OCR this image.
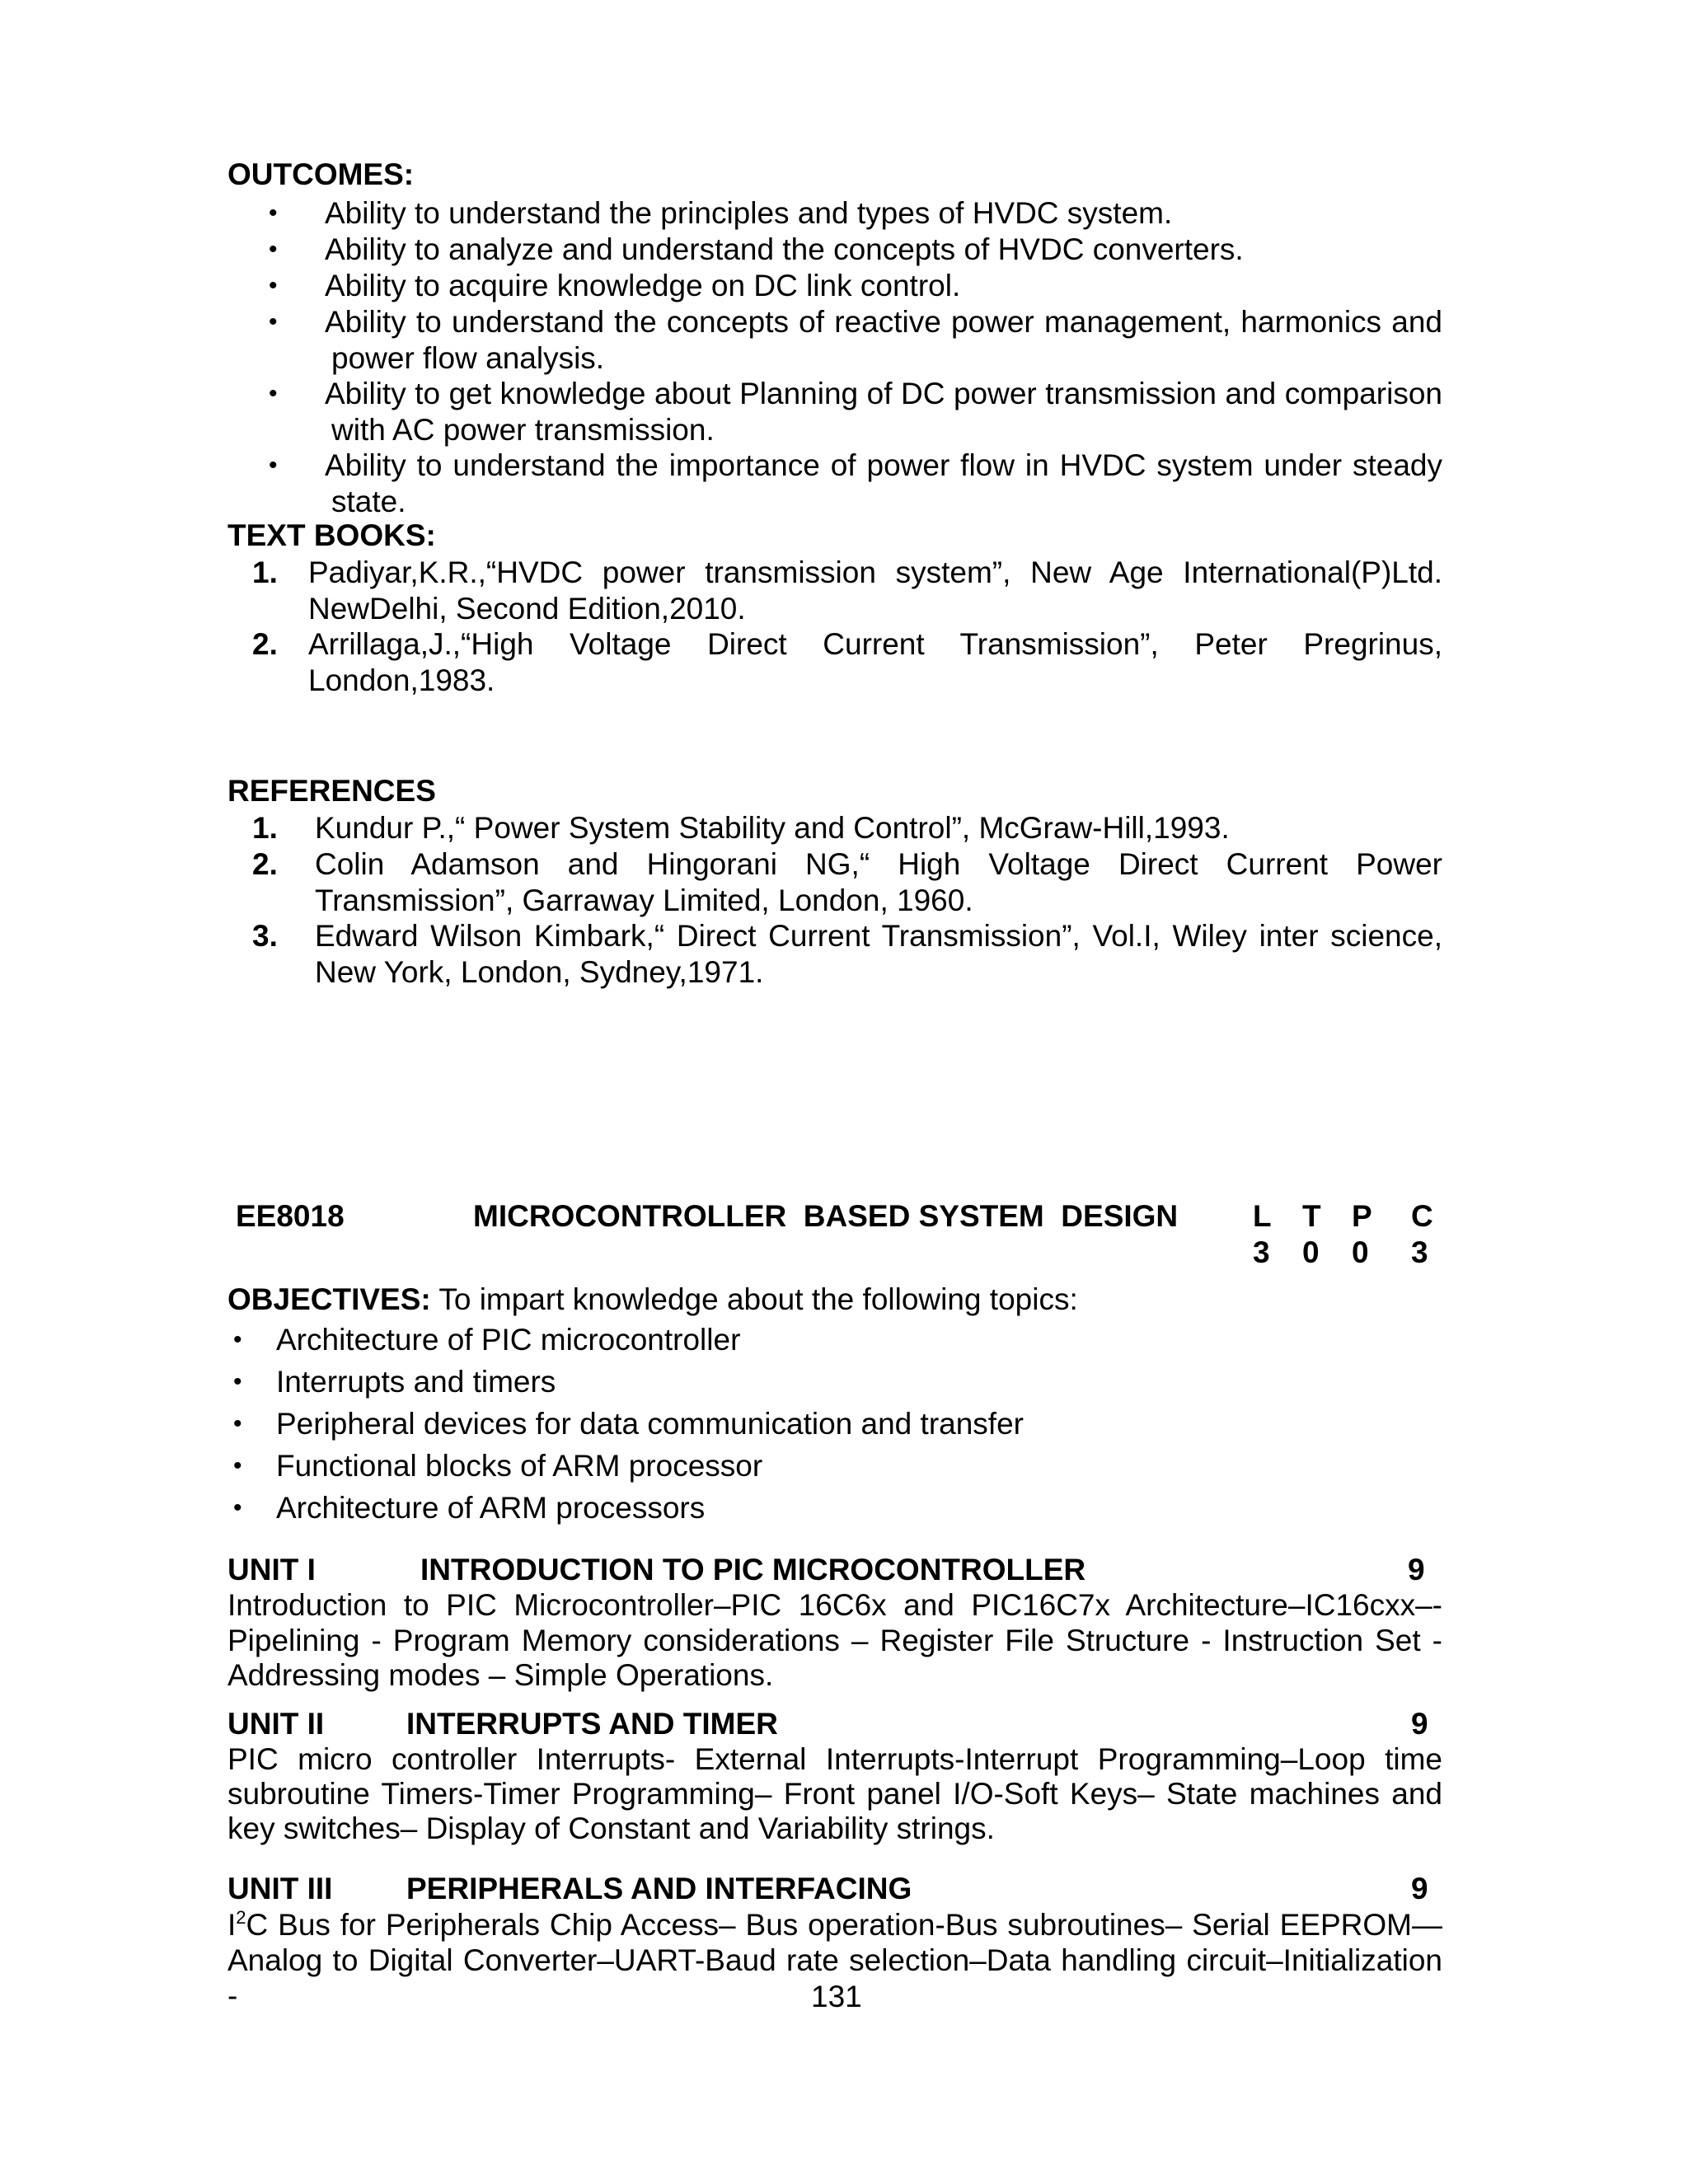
OUTCOMES:
• Ability to understand the principles and types of HVDC system.
• Ability to analyze and understand the concepts of HVDC converters.
• Ability to acquire knowledge on DC link control.
• Ability to understand the concepts of reactive power management, harmonics and
power flow analysis.
• Ability to get knowledge about Planning of DC power transmission and comparison
with AC power transmission.
• Ability to understand the importance of power flow in HVDC system under steady
state.
TEXT BOOKS:
1. Padiyar,K.R.,“HVDC power transmission system”, New Age International(P)Ltd.
NewDelhi, Second Edition,2010.
2. Arrillaga,J.,“High Voltage Direct Current Transmission”, Peter Pregrinus,
London,1983.
REFERENCES
1. Kundur P.,“ Power System Stability and Control”, McGraw-Hill,1993.
2. Colin Adamson and Hingorani NG,“ High Voltage Direct Current Power
Transmission”, Garraway Limited, London, 1960.
3. Edward Wilson Kimbark,“ Direct Current Transmission”, Vol.I, Wiley inter science,
New York, London, Sydney,1971.
EE8018	MICROCONTROLLER  BASED SYSTEM  DESIGN L T P C
3 0 0 3
OBJECTIVES: To impart knowledge about the following topics:
• Architecture of PIC microcontroller
• Interrupts and timers
• Peripheral devices for data communication and transfer
• Functional blocks of ARM processor
• Architecture of ARM processors
UNIT I	INTRODUCTION TO PIC MICROCONTROLLER	9
Introduction to PIC Microcontroller–PIC 16C6x and PIC16C7x Architecture–IC16cxx–-
Pipelining - Program Memory considerations – Register File Structure - Instruction Set -
Addressing modes – Simple Operations.
UNIT II	INTERRUPTS AND TIMER	9
PIC micro controller Interrupts- External Interrupts-Interrupt Programming–Loop time
subroutine Timers-Timer Programming– Front panel I/O-Soft Keys– State machines and
key switches– Display of Constant and Variability strings.
UNIT III PERIPHERALS AND INTERFACING	9
$I^2$ C Bus for Peripherals Chip Access– Bus operation-Bus subroutines– Serial EEPROM—
Analog to Digital Converter–UART-Baud rate selection–Data handling circuit–Initialization -	131
